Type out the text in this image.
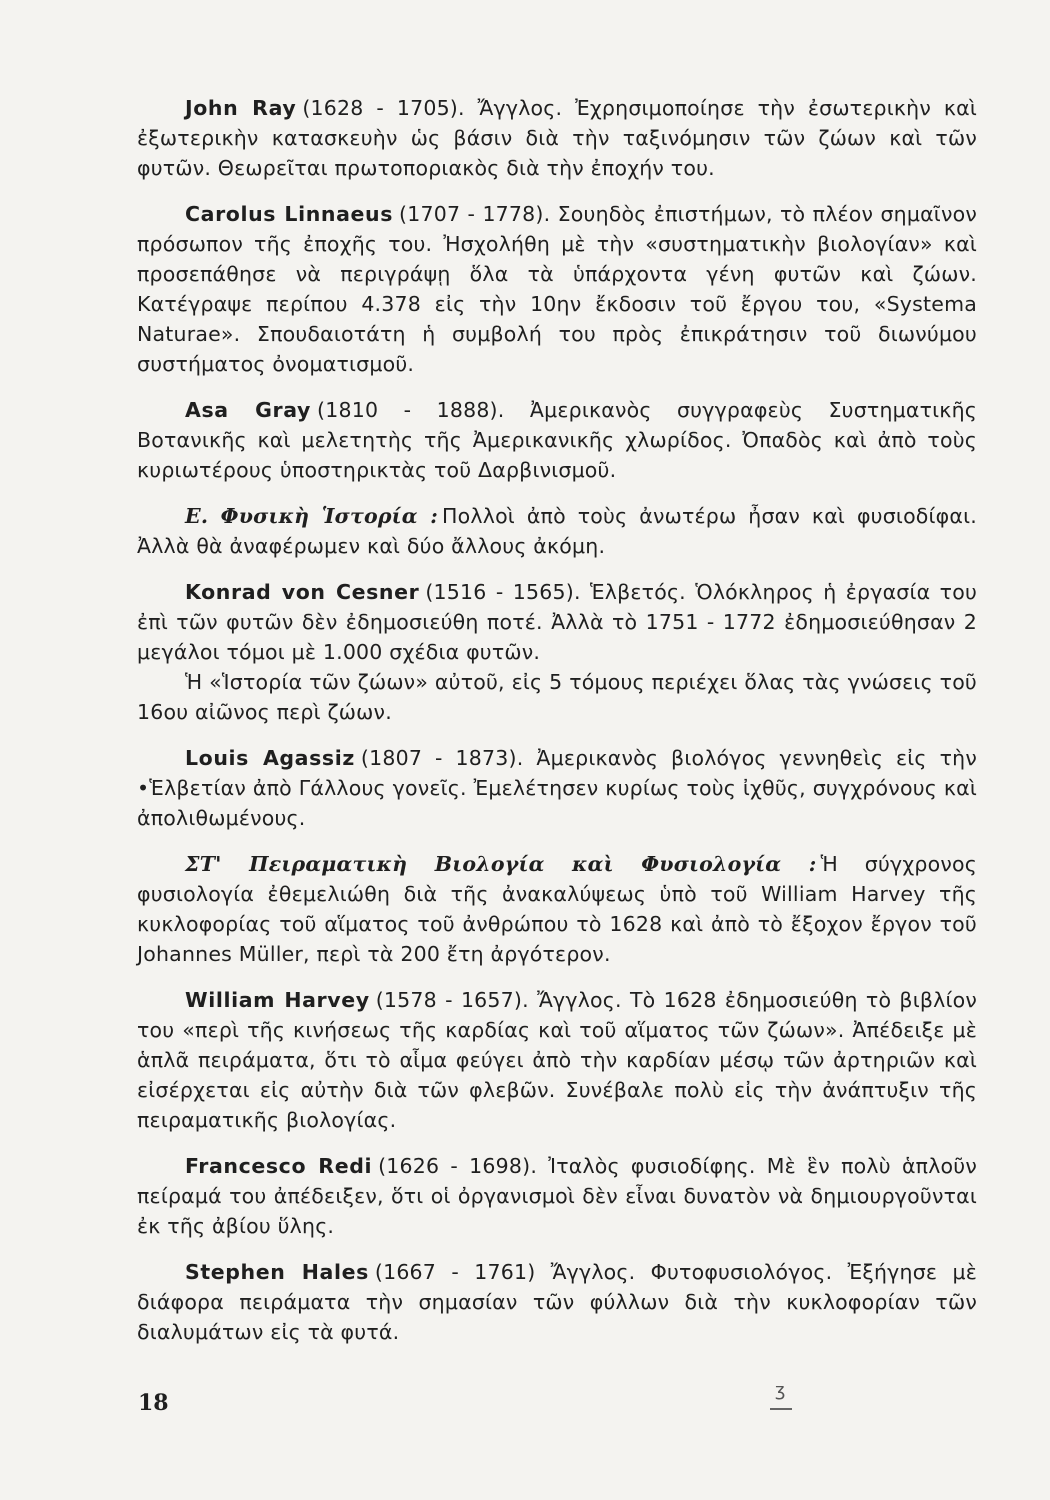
John Ray (1628 - 1705). Ἄγγλος. Ἐχρησιμοποίησε τὴν ἐσωτερικὴν καὶ ἐξωτερικὴν κατασκευὴν ὡς βάσιν διὰ τὴν ταξινόμησιν τῶν ζώων καὶ τῶν φυτῶν. Θεωρεῖται πρωτοποριακὸς διὰ τὴν ἐποχήν του.

Carolus Linnaeus (1707 - 1778). Σουηδὸς ἐπιστήμων, τὸ πλέον σημαῖνον πρόσωπον τῆς ἐποχῆς του. Ἠσχολήθη μὲ τὴν «συστηματικὴν βιολογίαν» καὶ προσεπάθησε νὰ περιγράψῃ ὅλα τὰ ὑπάρχοντα γένη φυτῶν καὶ ζώων. Κατέγραψε περίπου 4.378 εἰς τὴν 10ην ἔκδοσιν τοῦ ἔργου του, «Systema Naturae». Σπουδαιοτάτη ἡ συμβολή του πρὸς ἐπικράτησιν τοῦ διωνύμου συστήματος ὀνοματισμοῦ.

Asa Gray (1810 - 1888). Ἀμερικανὸς συγγραφεὺς Συστηματικῆς Βοτανικῆς καὶ μελετητὴς τῆς Ἀμερικανικῆς χλωρίδος. Ὀπαδὸς καὶ ἀπὸ τοὺς κυριωτέρους ὑποστηρικτὰς τοῦ Δαρβινισμοῦ.

Ε. Φυσικὴ Ἱστορία : Πολλοὶ ἀπὸ τοὺς ἀνωτέρω ἦσαν καὶ φυσιοδίφαι. Ἀλλὰ θὰ ἀναφέρωμεν καὶ δύο ἄλλους ἀκόμη.

Konrad von Cesner (1516 - 1565). Ἑλβετός. Ὁλόκληρος ἡ ἐργασία του ἐπὶ τῶν φυτῶν δὲν ἐδημοσιεύθη ποτέ. Ἀλλὰ τὸ 1751 - 1772 ἐδημοσιεύθησαν 2 μεγάλοι τόμοι μὲ 1.000 σχέδια φυτῶν.
Ἡ «Ἱστορία τῶν ζώων» αὐτοῦ, εἰς 5 τόμους περιέχει ὅλας τὰς γνώσεις τοῦ 16ου αἰῶνος περὶ ζώων.

Louis Agassiz (1807 - 1873). Ἀμερικανὸς βιολόγος γεννηθεὶς εἰς τὴν •Ἑλβετίαν ἀπὸ Γάλλους γονεῖς. Ἐμελέτησεν κυρίως τοὺς ἰχθῦς, συγχρόνους καὶ ἀπολιθωμένους.

ΣΤ' Πειραματικὴ Βιολογία καὶ Φυσιολογία : Ἡ σύγχρονος φυσιολογία ἐθεμελιώθη διὰ τῆς ἀνακαλύψεως ὑπὸ τοῦ William Harvey τῆς κυκλοφορίας τοῦ αἵματος τοῦ ἀνθρώπου τὸ 1628 καὶ ἀπὸ τὸ ἔξοχον ἔργον τοῦ Johannes Müller, περὶ τὰ 200 ἔτη ἀργότερον.

William Harvey (1578 - 1657). Ἄγγλος. Τὸ 1628 ἐδημοσιεύθη τὸ βιβλίον του «περὶ τῆς κινήσεως τῆς καρδίας καὶ τοῦ αἵματος τῶν ζώων». Ἀπέδειξε μὲ ἁπλᾶ πειράματα, ὅτι τὸ αἷμα φεύγει ἀπὸ τὴν καρδίαν μέσῳ τῶν ἀρτηριῶν καὶ εἰσέρχεται εἰς αὐτὴν διὰ τῶν φλεβῶν. Συνέβαλε πολὺ εἰς τὴν ἀνάπτυξιν τῆς πειραματικῆς βιολογίας.

Francesco Redi (1626 - 1698). Ἰταλὸς φυσιοδίφης. Μὲ ἓν πολὺ ἁπλοῦν πείραμά του ἀπέδειξεν, ὅτι οἱ ὀργανισμοὶ δὲν εἶναι δυνατὸν νὰ δημιουργοῦνται ἐκ τῆς ἀβίου ὕλης.

Stephen Hales (1667 - 1761) Ἄγγλος. Φυτοφυσιολόγος. Ἐξήγησε μὲ διάφορα πειράματα τὴν σημασίαν τῶν φύλλων διὰ τὴν κυκλοφορίαν τῶν διαλυμάτων εἰς τὰ φυτά.

18	ʒ
